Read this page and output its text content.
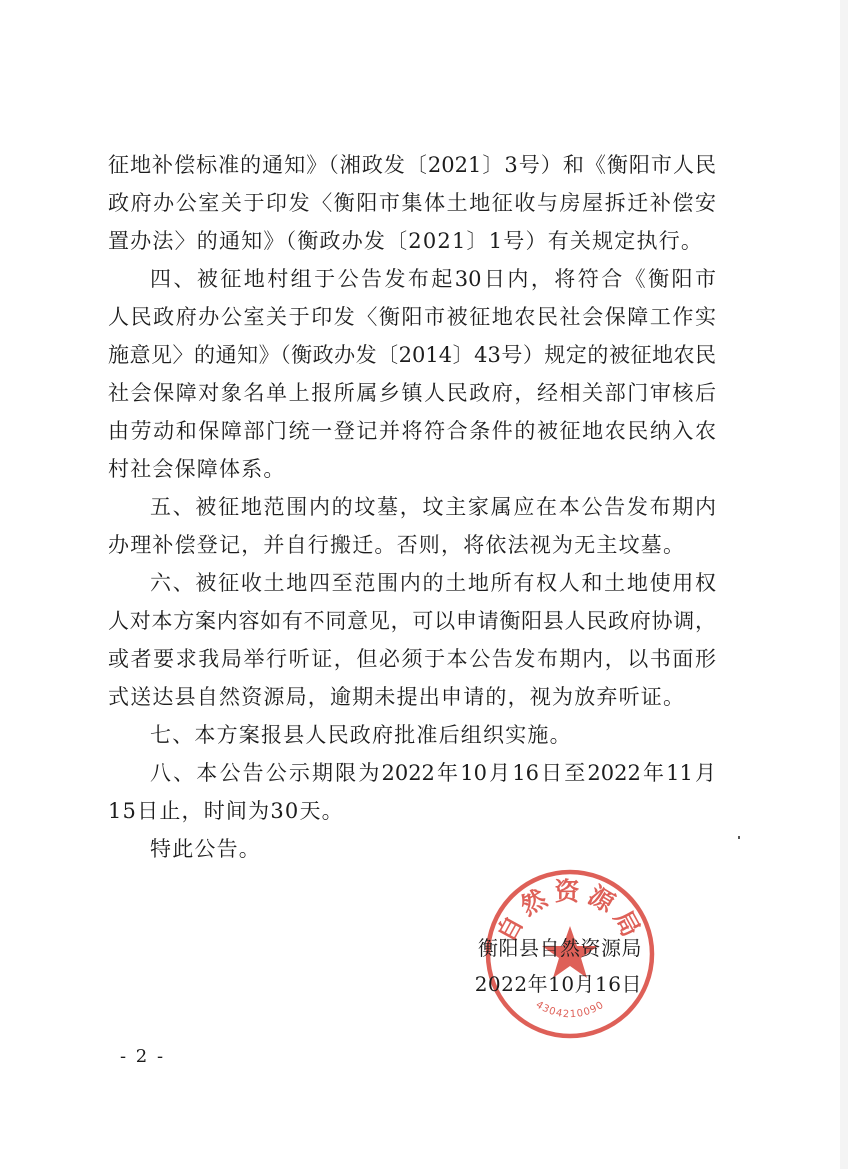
征地补偿标准的通知》（湘政发〔2021〕3号）和《衡阳市人民
政府办公室关于印发〈衡阳市集体土地征收与房屋拆迁补偿安
置办法〉的通知》（衡政办发〔2021〕1号）有关规定执行。
四、被征地村组于公告发布起30日内，将符合《衡阳市
人民政府办公室关于印发〈衡阳市被征地农民社会保障工作实
施意见〉的通知》（衡政办发〔2014〕43号）规定的被征地农民
社会保障对象名单上报所属乡镇人民政府，经相关部门审核后
由劳动和保障部门统一登记并将符合条件的被征地农民纳入农
村社会保障体系。
五、被征地范围内的坟墓，坟主家属应在本公告发布期内
办理补偿登记，并自行搬迁。否则，将依法视为无主坟墓。
六、被征收土地四至范围内的土地所有权人和土地使用权
人对本方案内容如有不同意见，可以申请衡阳县人民政府协调，
或者要求我局举行听证，但必须于本公告发布期内，以书面形
式送达县自然资源局，逾期未提出申请的，视为放弃听证。
七、本方案报县人民政府批准后组织实施。
八、本公告公示期限为2022年10月16日至2022年11月
15日止，时间为30天。
特此公告。
自然资源局
4304210090
衡阳县自然资源局
2022年10月16日
- 2 -
